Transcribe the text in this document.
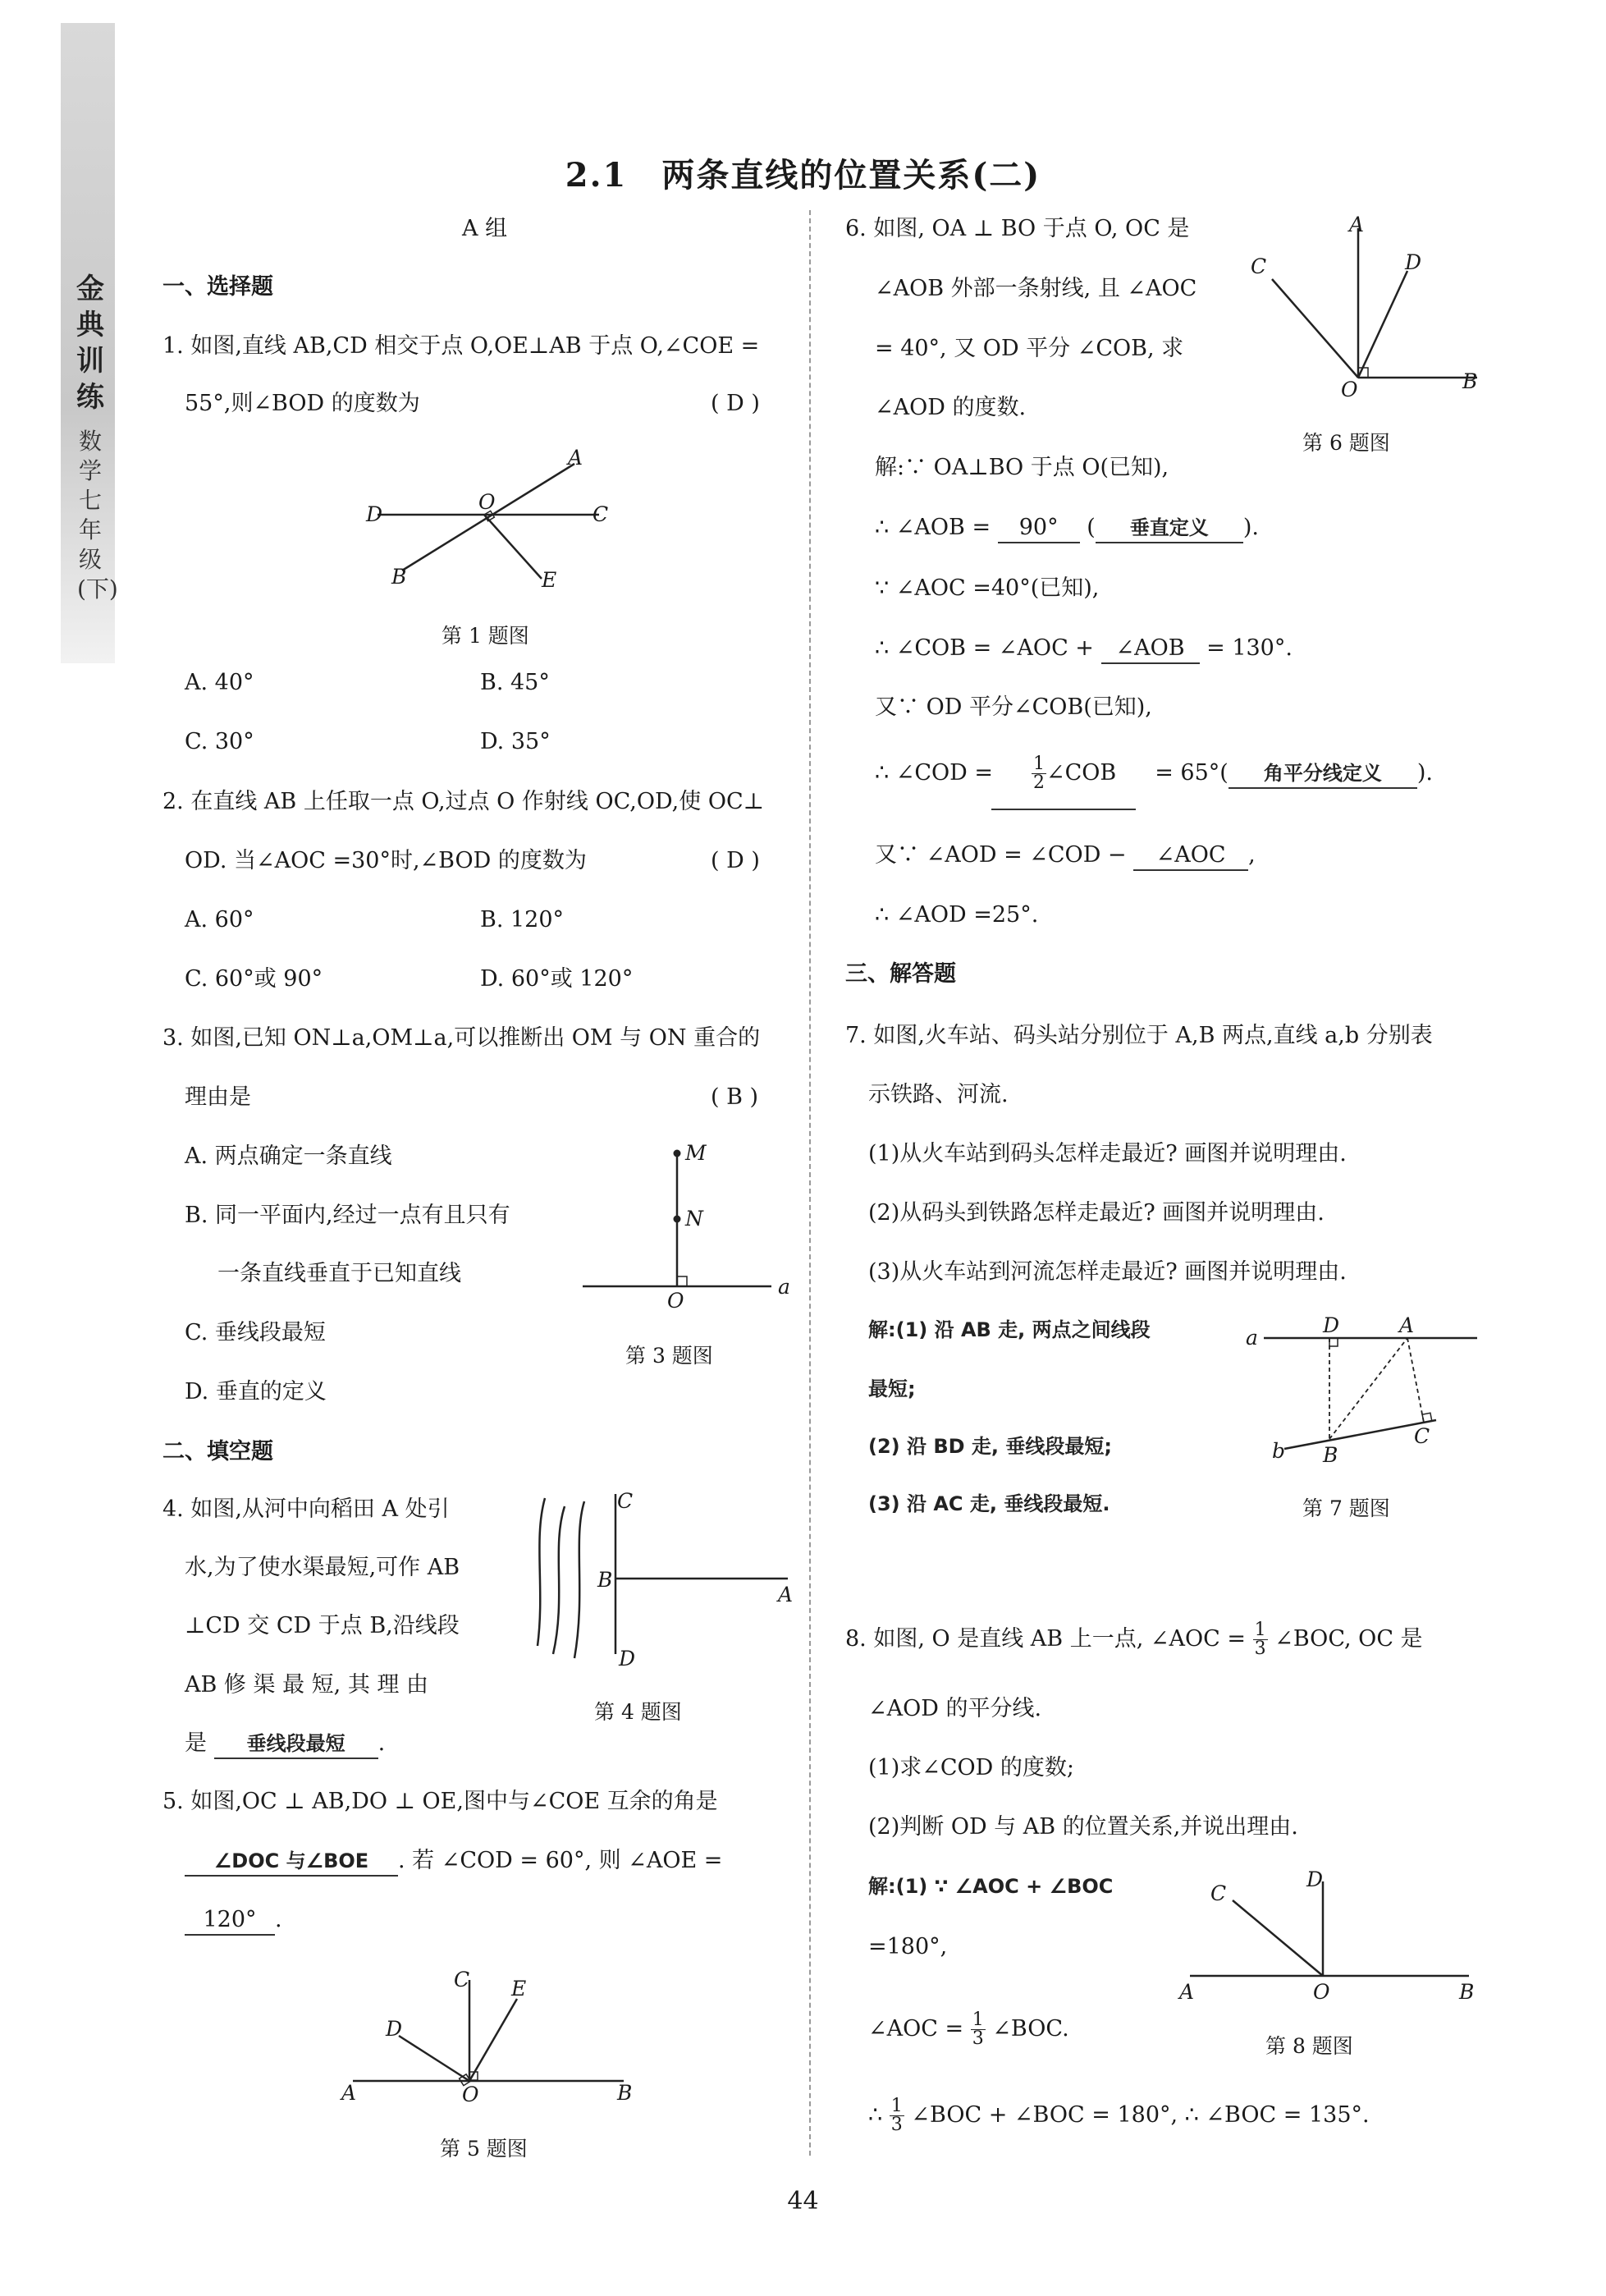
金典训练
数学 七年级(下)
2.1　两条直线的位置关系(二)
A 组
一、选择题
1. 如图,直线 AB,CD 相交于点 O,OE⊥AB 于点 O,∠COE =
55°,则∠BOD 的度数为	( D )
A
C
D
O
B	E
第 1 题图
A. 40°	B. 45°
C. 30°	D. 35°
2. 在直线 AB 上任取一点 O,过点 O 作射线 OC,OD,使 OC⊥
OD. 当∠AOC =30°时,∠BOD 的度数为	( D )
A. 60°	B. 120°
C. 60°或 90°	D. 60°或 120°
3. 如图,已知 ON⊥a,OM⊥a,可以推断出 OM 与 ON 重合的
理由是	( B )
A. 两点确定一条直线
B. 同一平面内,经过一点有且只有
一条直线垂直于已知直线
C. 垂线段最短
D. 垂直的定义
M
N
O
a
第 3 题图
二、填空题
4. 如图,从河中向稻田 A 处引
水,为了使水渠最短,可作 AB
⊥CD 交 CD 于点 B,沿线段
AB 修 渠 最 短, 其 理 由
是 垂线段最短 .
C
B
A
D
第 4 题图
5. 如图,OC ⊥ AB,DO ⊥ OE,图中与∠COE 互余的角是
∠DOC 与∠BOE . 若 ∠COD = 60°, 则 ∠AOE =
120° .
C E
D
A	O	B
第 5 题图
6. 如图, OA ⊥ BO 于点 O, OC 是
∠AOB 外部一条射线, 且 ∠AOC
= 40°, 又 OD 平分 ∠COB, 求
∠AOD 的度数.
A
D
C
O	B
第 6 题图
解:∵ OA⊥BO 于点 O(已知),
∴ ∠AOB = 90° ( 垂直定义 ).
∵ ∠AOC =40°(已知),
∴ ∠COB = ∠AOC + ∠AOB = 130°.
又∵ OD 平分∠COB(已知),
∴ ∠COD = $\frac{1}{2}$ ∠COB = 65°( 角平分线定义 ).
又∵ ∠AOD = ∠COD − ∠AOC ,
∴ ∠AOD =25°.
三、解答题
7. 如图,火车站、码头站分别位于 A,B 两点,直线 a,b 分别表
示铁路、河流.
(1)从火车站到码头怎样走最近? 画图并说明理由.
(2)从码头到铁路怎样走最近? 画图并说明理由.
(3)从火车站到河流怎样走最近? 画图并说明理由.
解:(1) 沿 AB 走, 两点之间线段
最短;
(2) 沿 BD 走, 垂线段最短;
(3) 沿 AC 走, 垂线段最短.
a
D	A
b B
C
第 7 题图
8. 如图, O 是直线 AB 上一点, ∠AOC = $\frac{1}{3}$ ∠BOC, OC 是
∠AOD 的平分线.
(1)求∠COD 的度数;
(2)判断 OD 与 AB 的位置关系,并说出理由.
解:(1) ∵ ∠AOC + ∠BOC
=180°,
∠AOC = $\frac{1}{3}$ ∠BOC.
∴ $\frac{1}{3}$ ∠BOC + ∠BOC = 180°, ∴ ∠BOC = 135°.
D
C
A	O	B
第 8 题图
44
